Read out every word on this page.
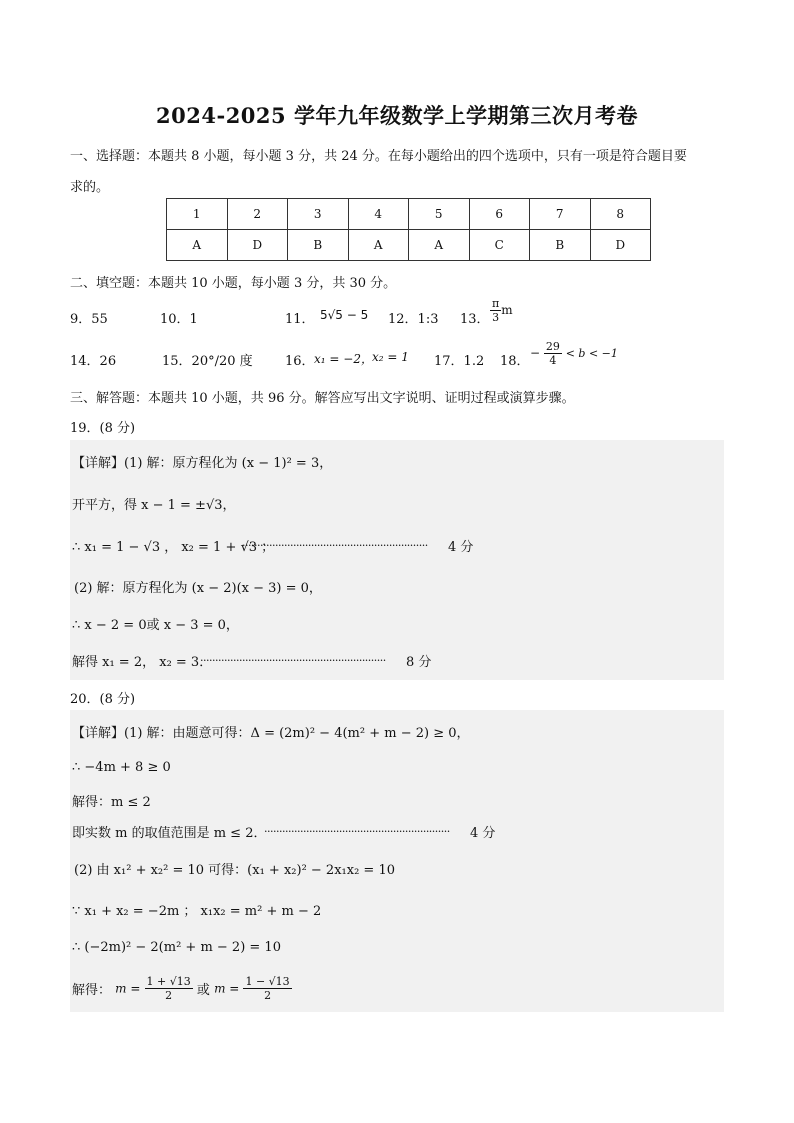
2024-2025 学年九年级数学上学期第三次月考卷
一、选择题：本题共 8 小题，每小题 3 分，共 24 分。在每小题给出的四个选项中，只有一项是符合题目要
求的。
1	2	3	4	5	6	7	8
A	D	B	A	A	C	B	D
二、填空题：本题共 10 小题，每小题 3 分，共 30 分。
9．55	10．1	11． 5√5 − 5 12．1:3 13． $\frac{\pi}{3}$ m
14．26	15．20°/20 度 16． x₁ = −2， x₂ = 1 17．1.2 18．
− $\frac{29}{4} < b < -1$
三、解答题：本题共 10 小题，共 96 分。解答应写出文字说明、证明过程或演算步骤。
19．(8 分)
【详解】(1) 解：原方程化为 (x − 1)² = 3，
开平方，得 x − 1 = ±√3，
∴ x₁ = 1 − √3 ， x₂ = 1 + √3 ；
.............................................................. 4 分
(2) 解：原方程化为 (x − 2)(x − 3) = 0，
∴ x − 2 = 0或 x − 3 = 0，
解得 x₁ = 2， x₂ = 3．
.............................................................. 8 分
20．(8 分)
【详解】(1) 解：由题意可得：Δ = (2m)² − 4(m² + m − 2) ≥ 0，
∴ −4m + 8 ≥ 0
解得：m ≤ 2
即实数 m 的取值范围是 m ≤ 2．
.............................................................. 4 分
(2) 由 x₁² + x₂² = 10 可得：(x₁ + x₂)² − 2x₁x₂ = 10
∵ x₁ + x₂ = −2m ； x₁x₂ = m² + m − 2
∴ (−2m)² − 2(m² + m − 2) = 10
解得： $m = \frac{1 + √13}{2}$ 或 $m = \frac{1 - √13}{2}$
